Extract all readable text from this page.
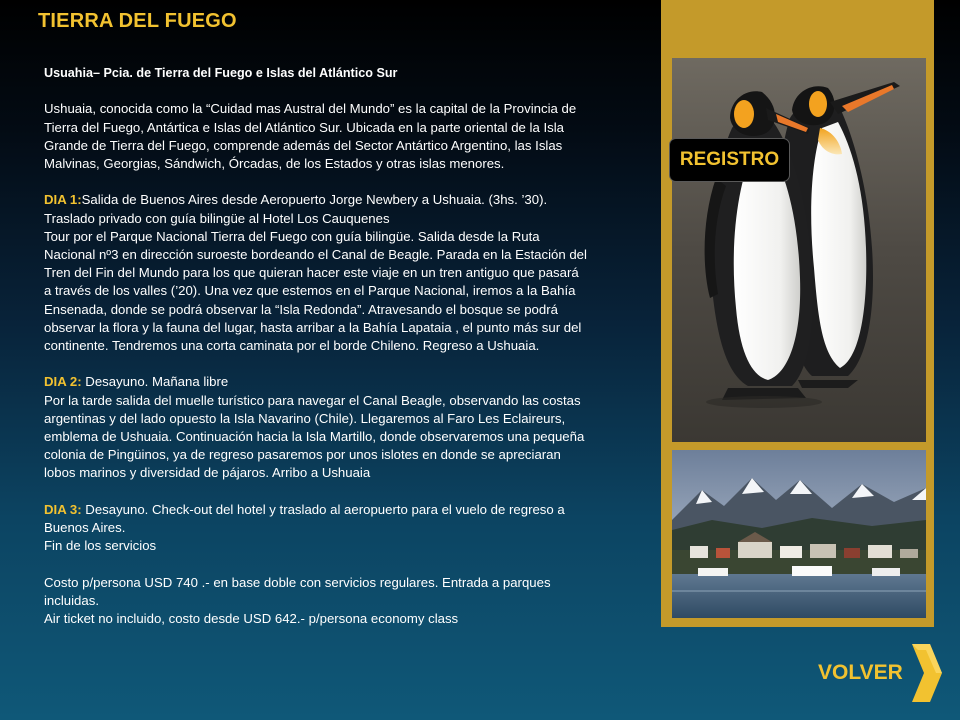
TIERRA DEL FUEGO

Usuahia– Pcia. de Tierra del Fuego e Islas del Atlántico Sur

Ushuaia, conocida como la “Cuidad mas Austral del Mundo” es la capital de la Provincia de Tierra del Fuego, Antártica e Islas del Atlántico Sur. Ubicada en la parte oriental de la Isla Grande de Tierra del Fuego, comprende además del Sector Antártico Argentino, las Islas Malvinas, Georgias, Sándwich, Órcadas, de los Estados y otras islas menores.

DIA 1:Salida de Buenos Aires desde Aeropuerto Jorge Newbery a Ushuaia. (3hs. ’30). Traslado privado con guía bilingüe al Hotel Los Cauquenes

Tour por el Parque Nacional Tierra del Fuego con guía bilingüe. Salida desde la Ruta Nacional nº3 en dirección suroeste bordeando el Canal de Beagle. Parada en la Estación del Tren del Fin del Mundo para los que quieran hacer este viaje en un tren antiguo que pasará a través de los valles (’20). Una vez que estemos en el Parque Nacional, iremos a la Bahía Ensenada, donde se podrá observar la “Isla Redonda”. Atravesando el bosque se podrá observar la flora y la fauna del lugar, hasta arribar a la Bahía Lapataia , el punto más sur del continente. Tendremos una corta caminata por el borde Chileno. Regreso a Ushuaia.

DIA 2: Desayuno. Mañana libre

Por la tarde salida del muelle turístico para navegar el Canal Beagle, observando las costas argentinas y del lado opuesto la Isla Navarino (Chile). Llegaremos al Faro Les Eclaireurs, emblema de Ushuaia. Continuación hacia la Isla Martillo, donde observaremos una pequeña colonia de Pingüinos, ya de regreso pasaremos por unos islotes en donde se apreciaran lobos marinos y diversidad de pájaros. Arribo a Ushuaia

DIA 3: Desayuno. Check-out del hotel y traslado al aeropuerto para el vuelo de regreso a Buenos Aires.

Fin de los servicios

Costo p/persona USD 740 .- en base doble con servicios regulares. Entrada a parques incluidas.

Air ticket no incluido, costo desde USD 642.- p/persona economy class

REGISTRO
VOLVER
